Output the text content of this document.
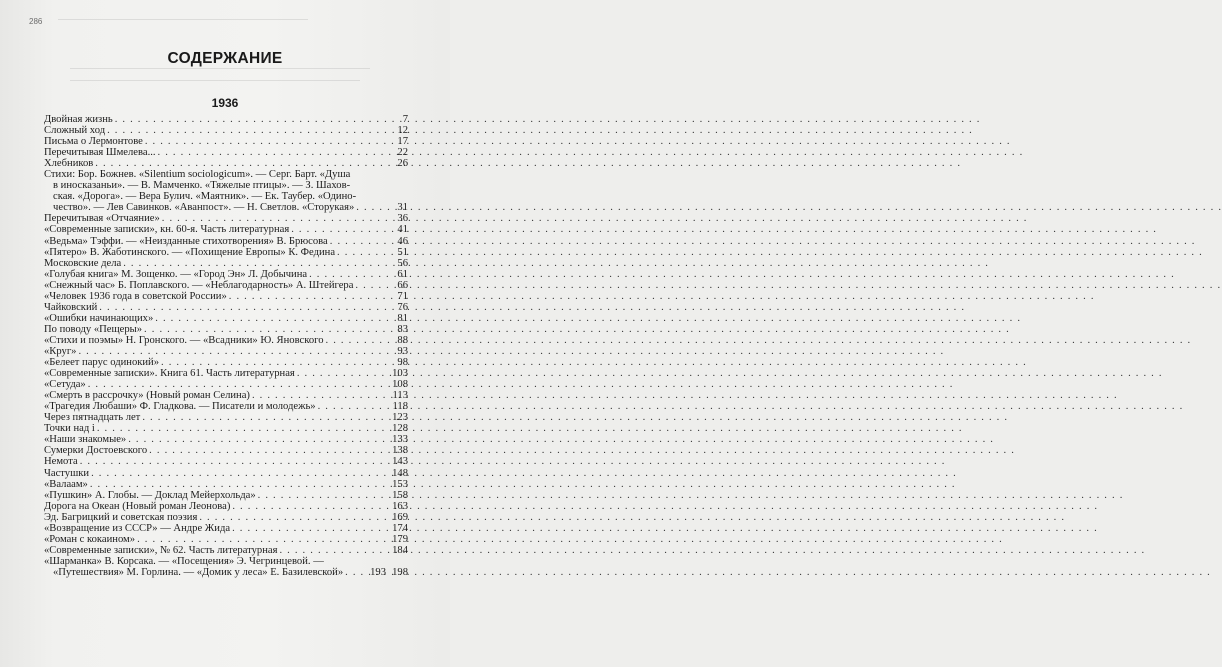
286
СОДЕРЖАНИЕ
1936
Двойная жизнь . . .	7
Сложный ход . . .	12
Письма о Лермонтове . . .	17
Перечитывая Шмелева... . . .	22
Хлебников . . .	26
Стихи: Бор. Божнев. «Silentium sociologicum». — Серг. Барт. «Душа
в иносказаньи». — В. Мамченко. «Тяжелые птицы». — З. Шахов-
ская. «Дорога». — Вера Булич. «Маятник». — Ек. Таубер. «Одино-
чество». — Лев Савинков. «Аванпост». — Н. Светлов. «Сторукая» . . .	31
Перечитывая «Отчаяние» . . .	36
«Современные записки», кн. 60-я. Часть литературная . . .	41
«Ведьма» Тэффи. — «Неизданные стихотворения» В. Брюсова . . .	46
«Пятеро» В. Жаботинского. — «Похищение Европы» К. Федина . . .	51
Московские дела . . .	56
«Голубая книга» М. Зощенко. — «Город Эн» Л. Добычина . . .	61
«Снежный час» Б. Поплавского. — «Неблагодарность» А. Штейгера . . .	66
«Человек 1936 года в советской России» . . .	71
Чайковский . . .	76
«Ошибки начинающих» . . .	81
По поводу «Пещеры» . . .	83
«Стихи и поэмы» Н. Гронского. — «Всадники» Ю. Яновского . . .	88
«Круг» . . .	93
«Белеет парус одинокий» . . .	98
«Современные записки». Книга 61. Часть литературная . . .	103
«Сетуда» . . .	108
«Смерть в рассрочку» (Новый роман Селина) . . .	113
«Трагедия Любаши» Ф. Гладкова. — Писатели и молодежь» . . .	118
Через пятнадцать лет . . .	123
Точки над i . . .	128
«Наши знакомые» . . .	133
Сумерки Достоевского . . .	138
Немота . . .	143
Частушки . . .	148
«Валаам» . . .	153
«Пушкин» А. Глобы. — Доклад Мейерхольда» . . .	158
Дорога на Океан (Новый роман Леонова) . . .	163
Эд. Багрицкий и советская поэзия . . .	169
«Возвращение из СССР» — Андре Жида . . .	174
«Роман с кокаином» . . .	179
«Современные записки», № 62. Часть литературная . . .	184
«Шарманка» В. Корсака. — «Посещения» Э. Чегринцевой. —
«Путешествия» М. Горлина. — «Домик у леса» Е. Базилевской» . . .	193 198
